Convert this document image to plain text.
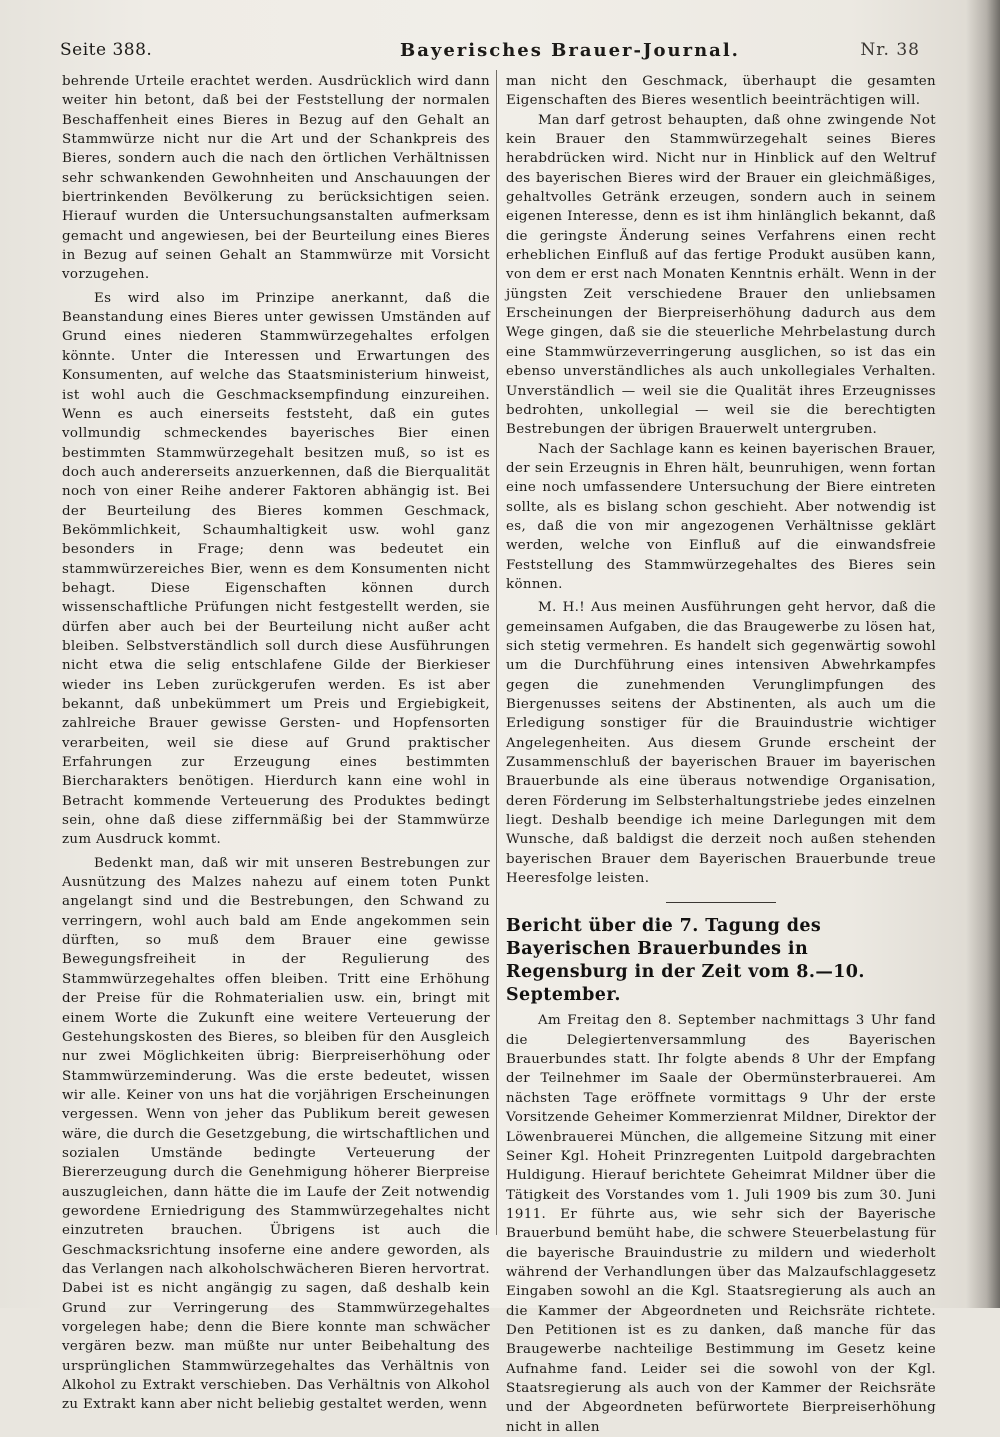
Seite 388.	Bayerisches Brauer-Journal.	Nr. 38

behrende Urteile erachtet werden. Ausdrücklich wird dann weiter hin betont, daß bei der Feststellung der normalen Beschaffenheit eines Bieres in Bezug auf den Gehalt an Stammwürze nicht nur die Art und der Schankpreis des Bieres, sondern auch die nach den örtlichen Verhältnissen sehr schwankenden Gewohnheiten und Anschauungen der biertrinkenden Bevölkerung zu berücksichtigen seien. Hierauf wurden die Untersuchungsanstalten aufmerksam gemacht und angewiesen, bei der Beurteilung eines Bieres in Bezug auf seinen Gehalt an Stammwürze mit Vorsicht vorzugehen.

Es wird also im Prinzipe anerkannt, daß die Beanstandung eines Bieres unter gewissen Umständen auf Grund eines niederen Stammwürzegehaltes erfolgen könnte. Unter die Interessen und Erwartungen des Konsumenten, auf welche das Staatsministerium hinweist, ist wohl auch die Geschmacksempfindung einzureihen. Wenn es auch einerseits feststeht, daß ein gutes vollmundig schmeckendes bayerisches Bier einen bestimmten Stammwürzegehalt besitzen muß, so ist es doch auch andererseits anzuerkennen, daß die Bierqualität noch von einer Reihe anderer Faktoren abhängig ist. Bei der Beurteilung des Bieres kommen Geschmack, Bekömmlichkeit, Schaumhaltigkeit usw. wohl ganz besonders in Frage; denn was bedeutet ein stammwürzereiches Bier, wenn es dem Konsumenten nicht behagt. Diese Eigenschaften können durch wissenschaftliche Prüfungen nicht festgestellt werden, sie dürfen aber auch bei der Beurteilung nicht außer acht bleiben. Selbstverständlich soll durch diese Ausführungen nicht etwa die selig entschlafene Gilde der Bierkieser wieder ins Leben zurückgerufen werden. Es ist aber bekannt, daß unbekümmert um Preis und Ergiebigkeit, zahlreiche Brauer gewisse Gersten- und Hopfensorten verarbeiten, weil sie diese auf Grund praktischer Erfahrungen zur Erzeugung eines bestimmten Biercharakters benötigen. Hierdurch kann eine wohl in Betracht kommende Verteuerung des Produktes bedingt sein, ohne daß diese ziffernmäßig bei der Stammwürze zum Ausdruck kommt.

Bedenkt man, daß wir mit unseren Bestrebungen zur Ausnützung des Malzes nahezu auf einem toten Punkt angelangt sind und die Bestrebungen, den Schwand zu verringern, wohl auch bald am Ende angekommen sein dürften, so muß dem Brauer eine gewisse Bewegungsfreiheit in der Regulierung des Stammwürzegehaltes offen bleiben. Tritt eine Erhöhung der Preise für die Rohmaterialien usw. ein, bringt mit einem Worte die Zukunft eine weitere Verteuerung der Gestehungskosten des Bieres, so bleiben für den Ausgleich nur zwei Möglichkeiten übrig: Bierpreiserhöhung oder Stammwürzeminderung. Was die erste bedeutet, wissen wir alle. Keiner von uns hat die vorjährigen Erscheinungen vergessen. Wenn von jeher das Publikum bereit gewesen wäre, die durch die Gesetzgebung, die wirtschaftlichen und sozialen Umstände bedingte Verteuerung der Biererzeugung durch die Genehmigung höherer Bierpreise auszugleichen, dann hätte die im Laufe der Zeit notwendig gewordene Erniedrigung des Stammwürzegehaltes nicht einzutreten brauchen. Übrigens ist auch die Geschmacksrichtung insoferne eine andere geworden, als das Verlangen nach alkoholschwächeren Bieren hervortrat. Dabei ist es nicht angängig zu sagen, daß deshalb kein Grund zur Verringerung des Stammwürzegehaltes vorgelegen habe; denn die Biere konnte man schwächer vergären bezw. man müßte nur unter Beibehaltung des ursprünglichen Stammwürzegehaltes das Verhältnis von Alkohol zu Extrakt verschieben. Das Verhältnis von Alkohol zu Extrakt kann aber nicht beliebig gestaltet werden, wenn

man nicht den Geschmack, überhaupt die gesamten Eigenschaften des Bieres wesentlich beeinträchtigen will.

Man darf getrost behaupten, daß ohne zwingende Not kein Brauer den Stammwürzegehalt seines Bieres herabdrücken wird. Nicht nur in Hinblick auf den Weltruf des bayerischen Bieres wird der Brauer ein gleichmäßiges, gehaltvolles Getränk erzeugen, sondern auch in seinem eigenen Interesse, denn es ist ihm hinlänglich bekannt, daß die geringste Änderung seines Verfahrens einen recht erheblichen Einfluß auf das fertige Produkt ausüben kann, von dem er erst nach Monaten Kenntnis erhält. Wenn in der jüngsten Zeit verschiedene Brauer den unliebsamen Erscheinungen der Bierpreiserhöhung dadurch aus dem Wege gingen, daß sie die steuerliche Mehrbelastung durch eine Stammwürzeverringerung ausglichen, so ist das ein ebenso unverständliches als auch unkollegiales Verhalten. Unverständlich — weil sie die Qualität ihres Erzeugnisses bedrohten, unkollegial — weil sie die berechtigten Bestrebungen der übrigen Brauerwelt untergruben.

Nach der Sachlage kann es keinen bayerischen Brauer, der sein Erzeugnis in Ehren hält, beunruhigen, wenn fortan eine noch umfassendere Untersuchung der Biere eintreten sollte, als es bislang schon geschieht. Aber notwendig ist es, daß die von mir angezogenen Verhältnisse geklärt werden, welche von Einfluß auf die einwandsfreie Feststellung des Stammwürzegehaltes des Bieres sein können.

M. H.! Aus meinen Ausführungen geht hervor, daß die gemeinsamen Aufgaben, die das Braugewerbe zu lösen hat, sich stetig vermehren. Es handelt sich gegenwärtig sowohl um die Durchführung eines intensiven Abwehrkampfes gegen die zunehmenden Verunglimpfungen des Biergenusses seitens der Abstinenten, als auch um die Erledigung sonstiger für die Brauindustrie wichtiger Angelegenheiten. Aus diesem Grunde erscheint der Zusammenschluß der bayerischen Brauer im bayerischen Brauerbunde als eine überaus notwendige Organisation, deren Förderung im Selbsterhaltungstriebe jedes einzelnen liegt. Deshalb beendige ich meine Darlegungen mit dem Wunsche, daß baldigst die derzeit noch außen stehenden bayerischen Brauer dem Bayerischen Brauerbunde treue Heeresfolge leisten.

Bericht über die 7. Tagung des Bayerischen Brauerbundes in Regensburg in der Zeit vom 8.—10. September.

Am Freitag den 8. September nachmittags 3 Uhr fand die Delegiertenversammlung des Bayerischen Brauerbundes statt. Ihr folgte abends 8 Uhr der Empfang der Teilnehmer im Saale der Obermünsterbrauerei. Am nächsten Tage eröffnete vormittags 9 Uhr der erste Vorsitzende Geheimer Kommerzienrat Mildner, Direktor der Löwenbrauerei München, die allgemeine Sitzung mit einer Seiner Kgl. Hoheit Prinzregenten Luitpold dargebrachten Huldigung. Hierauf berichtete Geheimrat Mildner über die Tätigkeit des Vorstandes vom 1. Juli 1909 bis zum 30. Juni 1911. Er führte aus, wie sehr sich der Bayerische Brauerbund bemüht habe, die schwere Steuerbelastung für die bayerische Brauindustrie zu mildern und wiederholt während der Verhandlungen über das Malzaufschlaggesetz Eingaben sowohl an die Kgl. Staatsregierung als auch an die Kammer der Abgeordneten und Reichsräte richtete. Den Petitionen ist es zu danken, daß manche für das Braugewerbe nachteilige Bestimmung im Gesetz keine Aufnahme fand. Leider sei die sowohl von der Kgl. Staatsregierung als auch von der Kammer der Reichsräte und der Abgeordneten befürwortete Bierpreiserhöhung nicht in allen
